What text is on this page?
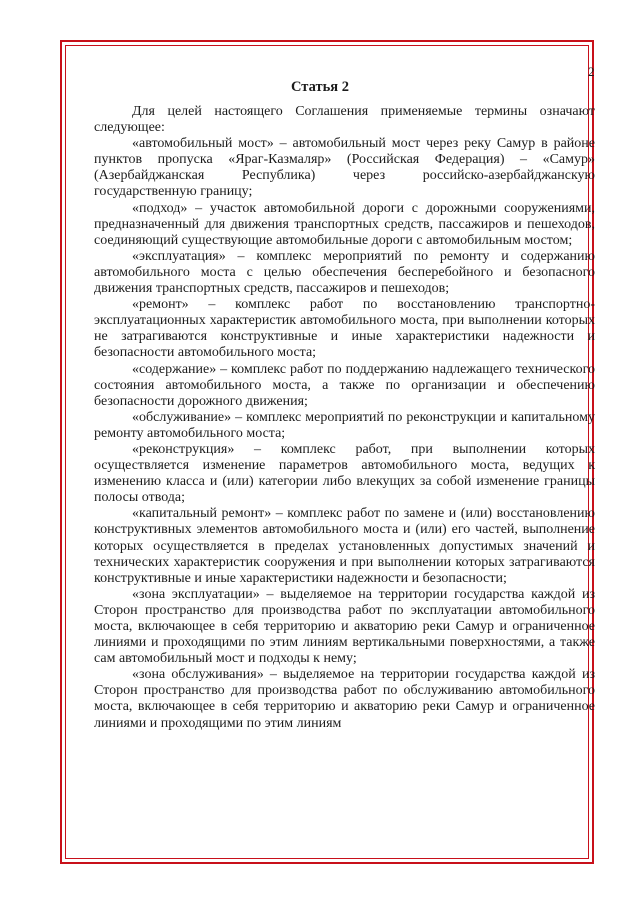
2
Статья 2

Для целей настоящего Соглашения применяемые термины означают следующее:

«автомобильный мост» – автомобильный мост через реку Самур в районе пунктов пропуска «Яраг-Казмаляр» (Российская Федерация) – «Самур» (Азербайджанская Республика) через российско-азербайджанскую государственную границу;

«подход» – участок автомобильной дороги с дорожными сооружениями, предназначенный для движения транспортных средств, пассажиров и пешеходов, соединяющий существующие автомобильные дороги с автомобильным мостом;

«эксплуатация» – комплекс мероприятий по ремонту и содержанию автомобильного моста с целью обеспечения бесперебойного и безопасного движения транспортных средств, пассажиров и пешеходов;

«ремонт» – комплекс работ по восстановлению транспортно-эксплуатационных характеристик автомобильного моста, при выполнении которых не затрагиваются конструктивные и иные характеристики надежности и безопасности автомобильного моста;

«содержание» – комплекс работ по поддержанию надлежащего технического состояния автомобильного моста, а также по организации и обеспечению безопасности дорожного движения;

«обслуживание» – комплекс мероприятий по реконструкции и капитальному ремонту автомобильного моста;

«реконструкция» – комплекс работ, при выполнении которых осуществляется изменение параметров автомобильного моста, ведущих к изменению класса и (или) категории либо влекущих за собой изменение границы полосы отвода;

«капитальный ремонт» – комплекс работ по замене и (или) восстановлению конструктивных элементов автомобильного моста и (или) его частей, выполнение которых осуществляется в пределах установленных допустимых значений и технических характеристик сооружения и при выполнении которых затрагиваются конструктивные и иные характеристики надежности и безопасности;

«зона эксплуатации» – выделяемое на территории государства каждой из Сторон пространство для производства работ по эксплуатации автомобильного моста, включающее в себя территорию и акваторию реки Самур и ограниченное линиями и проходящими по этим линиям вертикальными поверхностями, а также сам автомобильный мост и подходы к нему;

«зона обслуживания» – выделяемое на территории государства каждой из Сторон пространство для производства работ по обслуживанию автомобильного моста, включающее в себя территорию и акваторию реки Самур и ограниченное линиями и проходящими по этим линиям
